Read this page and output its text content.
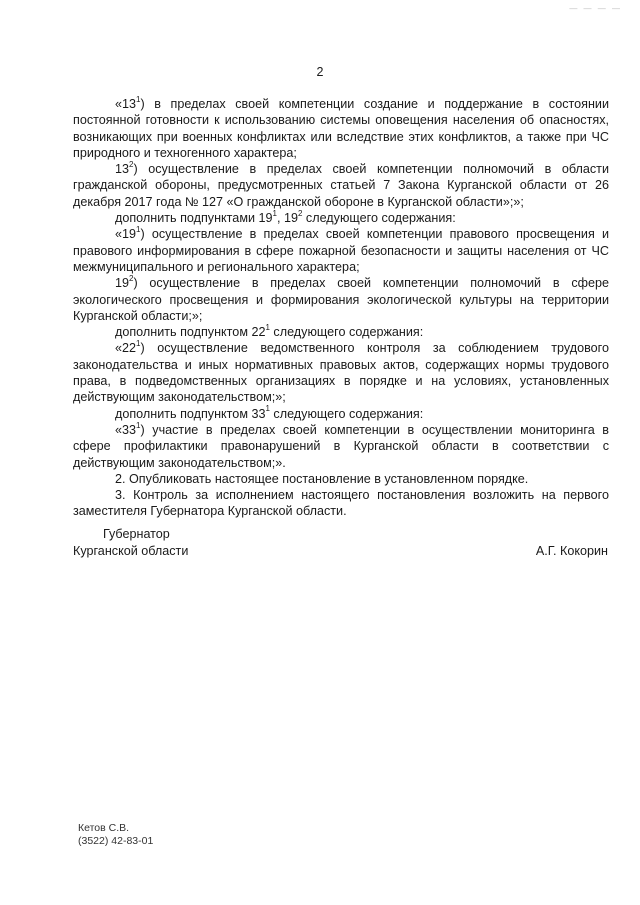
— — — —
2

«$13^1$) в пределах своей компетенции создание и поддержание в состоянии постоянной готовности к использованию системы оповещения населения об опасностях, возникающих при военных конфликтах или вследствие этих конфликтов, а также при ЧС природного и техногенного характера;

$13^2$) осуществление в пределах своей компетенции полномочий в области гражданской обороны, предусмотренных статьей 7 Закона Курганской области от 26 декабря 2017 года № 127 «О гражданской обороне в Курганской области»;»;

дополнить подпунктами $19^1$, $19^2$ следующего содержания:

«$19^1$) осуществление в пределах своей компетенции правового просвещения и правового информирования в сфере пожарной безопасности и защиты населения от ЧС межмуниципального и регионального характера;

$19^2$) осуществление в пределах своей компетенции полномочий в сфере экологического просвещения и формирования экологической культуры на территории Курганской области;»;

дополнить подпунктом $22^1$ следующего содержания:

«$22^1$) осуществление ведомственного контроля за соблюдением трудового законодательства и иных нормативных правовых актов, содержащих нормы трудового права, в подведомственных организациях в порядке и на условиях, установленных действующим законодательством;»;

дополнить подпунктом $33^1$ следующего содержания:

«$33^1$) участие в пределах своей компетенции в осуществлении мониторинга в сфере профилактики правонарушений в Курганской области в соответствии с действующим законодательством;».

2. Опубликовать настоящее постановление в установленном порядке.

3. Контроль за исполнением настоящего постановления возложить на первого заместителя Губернатора Курганской области.

Губернатор
Курганской области	А.Г. Кокорин
Кетов С.В.
(3522) 42-83-01
